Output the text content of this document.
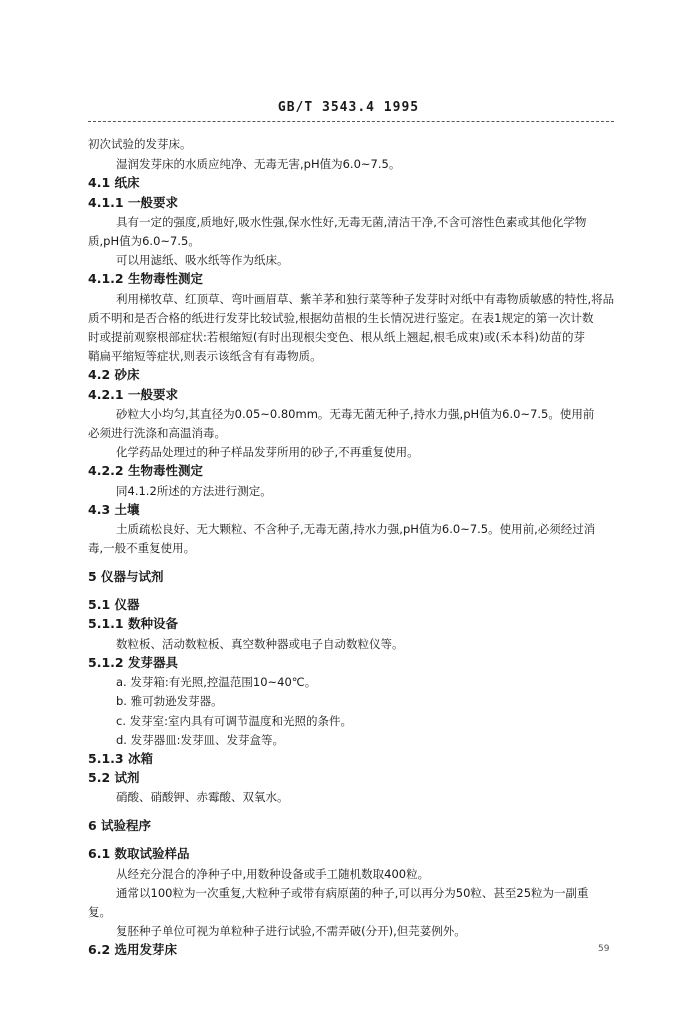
GB/T 3543.4 1995
初次试验的发芽床。
湿润发芽床的水质应纯净、无毒无害,pH值为6.0~7.5。
4.1 纸床
4.1.1 一般要求
具有一定的强度,质地好,吸水性强,保水性好,无毒无菌,清洁干净,不含可溶性色素或其他化学物
质,pH值为6.0~7.5。
可以用滤纸、吸水纸等作为纸床。
4.1.2 生物毒性测定
利用梯牧草、红顶草、弯叶画眉草、紫羊茅和独行菜等种子发芽时对纸中有毒物质敏感的特性,将品
质不明和是否合格的纸进行发芽比较试验,根据幼苗根的生长情况进行鉴定。在表1规定的第一次计数
时或提前观察根部症状:若根缩短(有时出现根尖变色、根从纸上翘起,根毛成束)或(禾本科)幼苗的芽
鞘扁平缩短等症状,则表示该纸含有有毒物质。
4.2 砂床
4.2.1 一般要求
砂粒大小均匀,其直径为0.05~0.80mm。无毒无菌无种子,持水力强,pH值为6.0~7.5。使用前
必须进行洗涤和高温消毒。
化学药品处理过的种子样品发芽所用的砂子,不再重复使用。
4.2.2 生物毒性测定
同4.1.2所述的方法进行测定。
4.3 土壤
土质疏松良好、无大颗粒、不含种子,无毒无菌,持水力强,pH值为6.0~7.5。使用前,必须经过消
毒,一般不重复使用。
5 仪器与试剂
5.1 仪器
5.1.1 数种设备
数粒板、活动数粒板、真空数种器或电子自动数粒仪等。
5.1.2 发芽器具
a. 发芽箱:有光照,控温范围10~40℃。
b. 雅可勃逊发芽器。
c. 发芽室:室内具有可调节温度和光照的条件。
d. 发芽器皿:发芽皿、发芽盒等。
5.1.3 冰箱
5.2 试剂
硝酸、硝酸钾、赤霉酸、双氧水。
6 试验程序
6.1 数取试验样品
从经充分混合的净种子中,用数种设备或手工随机数取400粒。
通常以100粒为一次重复,大粒种子或带有病原菌的种子,可以再分为50粒、甚至25粒为一副重
复。
复胚种子单位可视为单粒种子进行试验,不需弄破(分开),但芫荽例外。
6.2 选用发芽床	59
